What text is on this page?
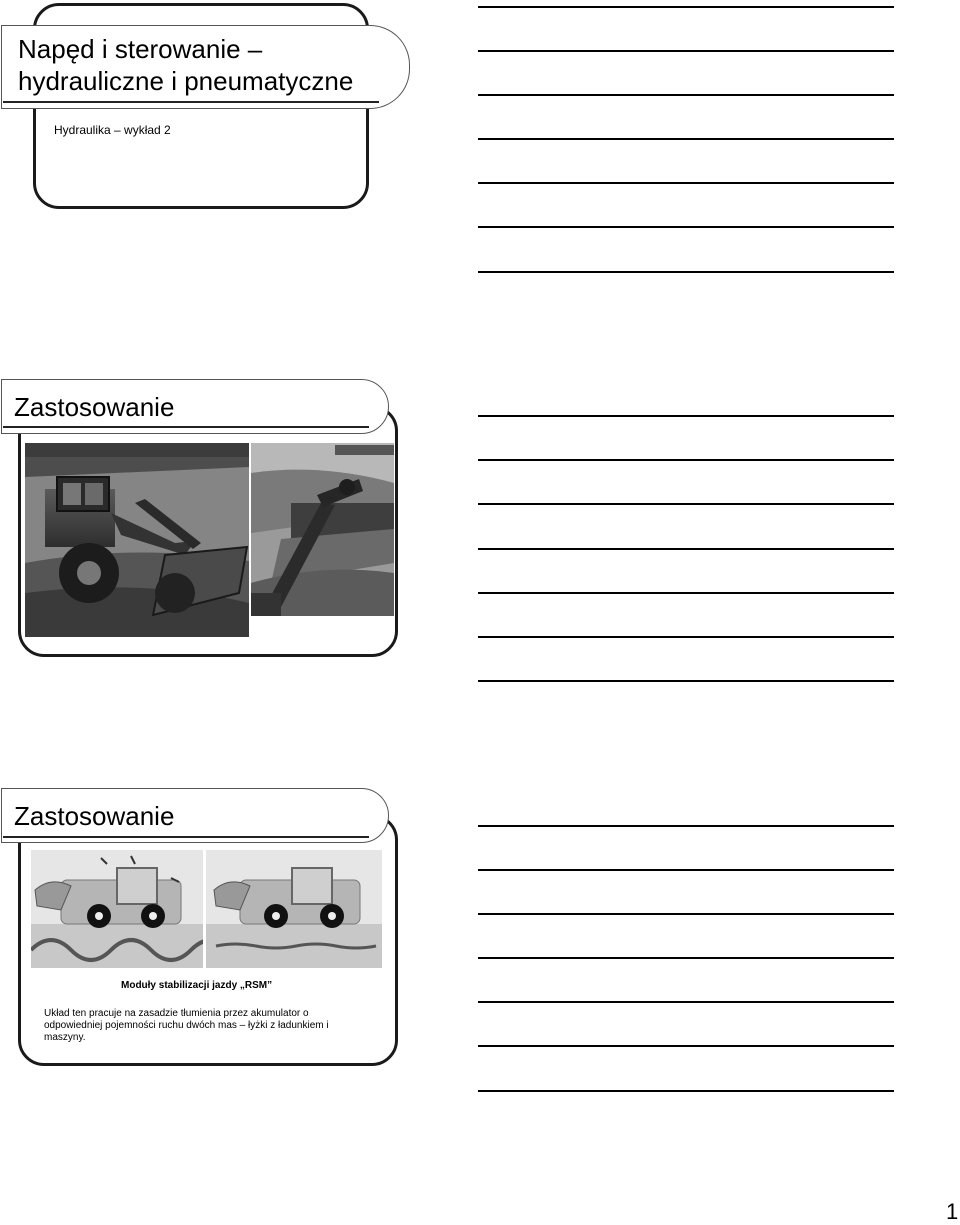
Napęd i sterowanie –
hydrauliczne i pneumatyczne
Hydraulika – wykład 2
Zastosowanie
Zastosowanie
Moduły stabilizacji jazdy „RSM”
Układ ten pracuje na zasadzie tłumienia przez akumulator o odpowiedniej pojemności ruchu dwóch mas – łyżki z ładunkiem i maszyny.
1
